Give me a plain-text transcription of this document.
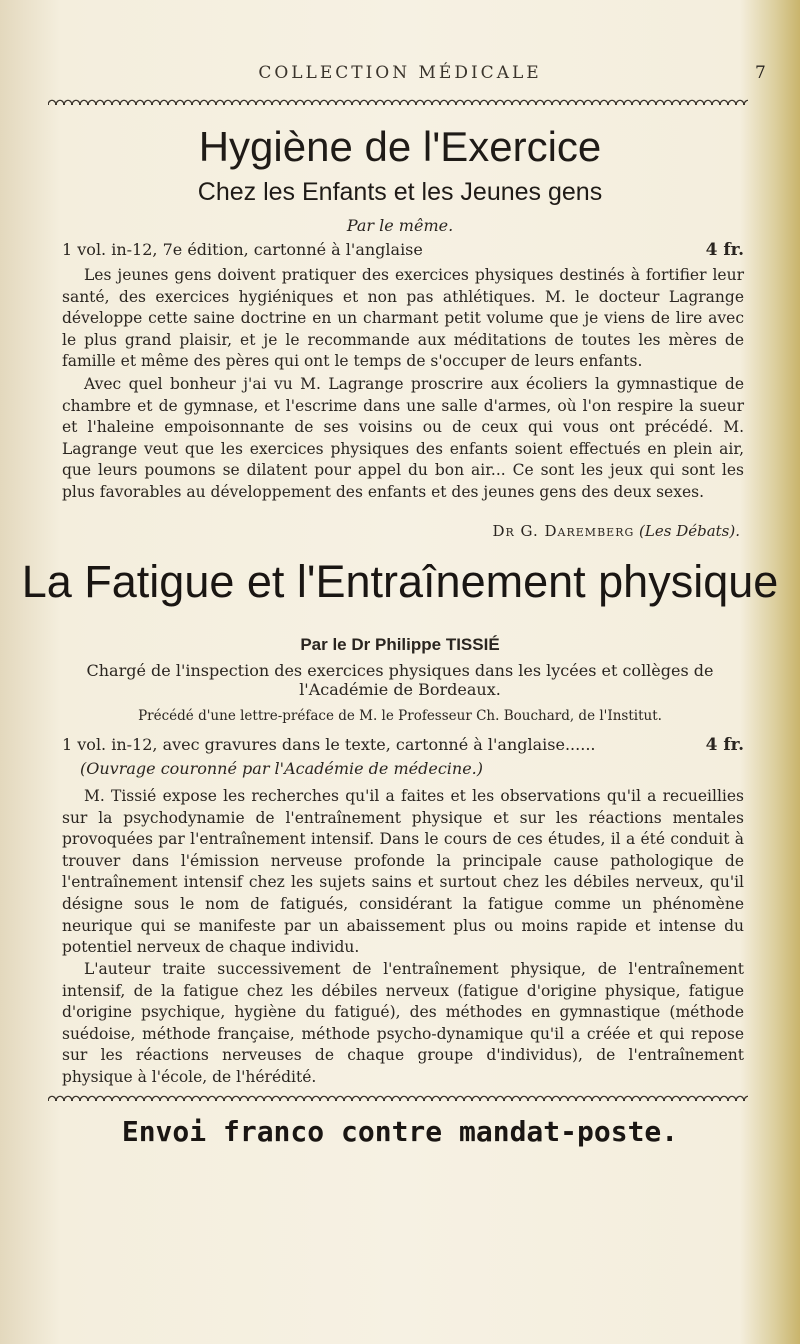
COLLECTION MÉDICALE	7
Hygiène de l'Exercice
Chez les Enfants et les Jeunes gens
Par le même.
1 vol. in-12, 7e édition, cartonné à l'anglaise	4 fr.

Les jeunes gens doivent pratiquer des exercices physiques destinés à fortifier leur santé, des exercices hygiéniques et non pas athlétiques. M. le docteur Lagrange développe cette saine doctrine en un charmant petit volume que je viens de lire avec le plus grand plaisir, et je le recommande aux méditations de toutes les mères de famille et même des pères qui ont le temps de s'occuper de leurs enfants.

Avec quel bonheur j'ai vu M. Lagrange proscrire aux écoliers la gymnastique de chambre et de gymnase, et l'escrime dans une salle d'armes, où l'on respire la sueur et l'haleine empoisonnante de ses voisins ou de ceux qui vous ont précédé. M. Lagrange veut que les exercices physiques des enfants soient effectués en plein air, que leurs poumons se dilatent pour appel du bon air... Ce sont les jeux qui sont les plus favorables au développement des enfants et des jeunes gens des deux sexes.

Dr G. Daremberg (Les Débats).
La Fatigue et l'Entraînement physique
Par le Dr Philippe TISSIÉ
Chargé de l'inspection des exercices physiques dans les lycées et collèges de l'Académie de Bordeaux.
Précédé d'une lettre-préface de M. le Professeur Ch. Bouchard, de l'Institut.
1 vol. in-12, avec gravures dans le texte, cartonné à l'anglaise......	4 fr.
(Ouvrage couronné par l'Académie de médecine.)

M. Tissié expose les recherches qu'il a faites et les observations qu'il a recueillies sur la psychodynamie de l'entraînement physique et sur les réactions mentales provoquées par l'entraînement intensif. Dans le cours de ces études, il a été conduit à trouver dans l'émission nerveuse profonde la principale cause pathologique de l'entraînement intensif chez les sujets sains et surtout chez les débiles nerveux, qu'il désigne sous le nom de fatigués, considérant la fatigue comme un phénomène neurique qui se manifeste par un abaissement plus ou moins rapide et intense du potentiel nerveux de chaque individu.

L'auteur traite successivement de l'entraînement physique, de l'entraînement intensif, de la fatigue chez les débiles nerveux (fatigue d'origine physique, fatigue d'origine psychique, hygiène du fatigué), des méthodes en gymnastique (méthode suédoise, méthode française, méthode psycho-dynamique qu'il a créée et qui repose sur les réactions nerveuses de chaque groupe d'individus), de l'entraînement physique à l'école, de l'hérédité.

Envoi franco contre mandat-poste.
